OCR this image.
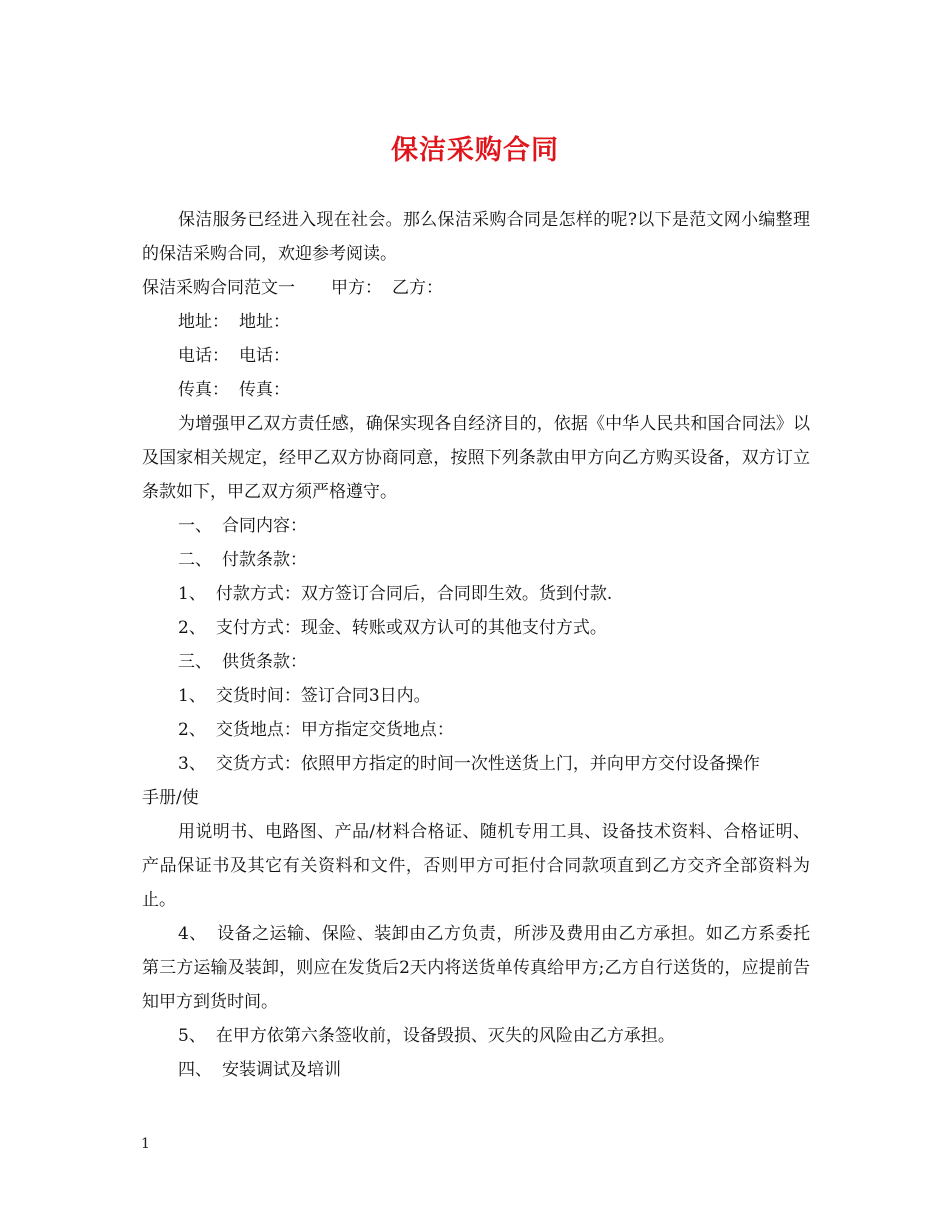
保洁采购合同

保洁服务已经进入现在社会。那么保洁采购合同是怎样的呢?以下是范文网小编整理的保洁采购合同，欢迎参考阅读。

保洁采购合同范文一 甲方： 乙方：

地址： 地址：

电话： 电话：

传真： 传真：

为增强甲乙双方责任感，确保实现各自经济目的，依据《中华人民共和国合同法》以及国家相关规定，经甲乙双方协商同意，按照下列条款由甲方向乙方购买设备，双方订立条款如下，甲乙双方须严格遵守。

一、 合同内容：

二、 付款条款：

1、 付款方式：双方签订合同后，合同即生效。货到付款.

2、 支付方式：现金、转账或双方认可的其他支付方式。

三、 供货条款：

1、 交货时间：签订合同3日内。

2、 交货地点：甲方指定交货地点：

3、 交货方式：依照甲方指定的时间一次性送货上门，并向甲方交付设备操作

手册/使

用说明书、电路图、产品/材料合格证、随机专用工具、设备技术资料、合格证明、产品保证书及其它有关资料和文件，否则甲方可拒付合同款项直到乙方交齐全部资料为止。

4、 设备之运输、保险、装卸由乙方负责，所涉及费用由乙方承担。如乙方系委托第三方运输及装卸，则应在发货后2天内将送货单传真给甲方;乙方自行送货的，应提前告知甲方到货时间。

5、 在甲方依第六条签收前，设备毁损、灭失的风险由乙方承担。

四、 安装调试及培训

1
